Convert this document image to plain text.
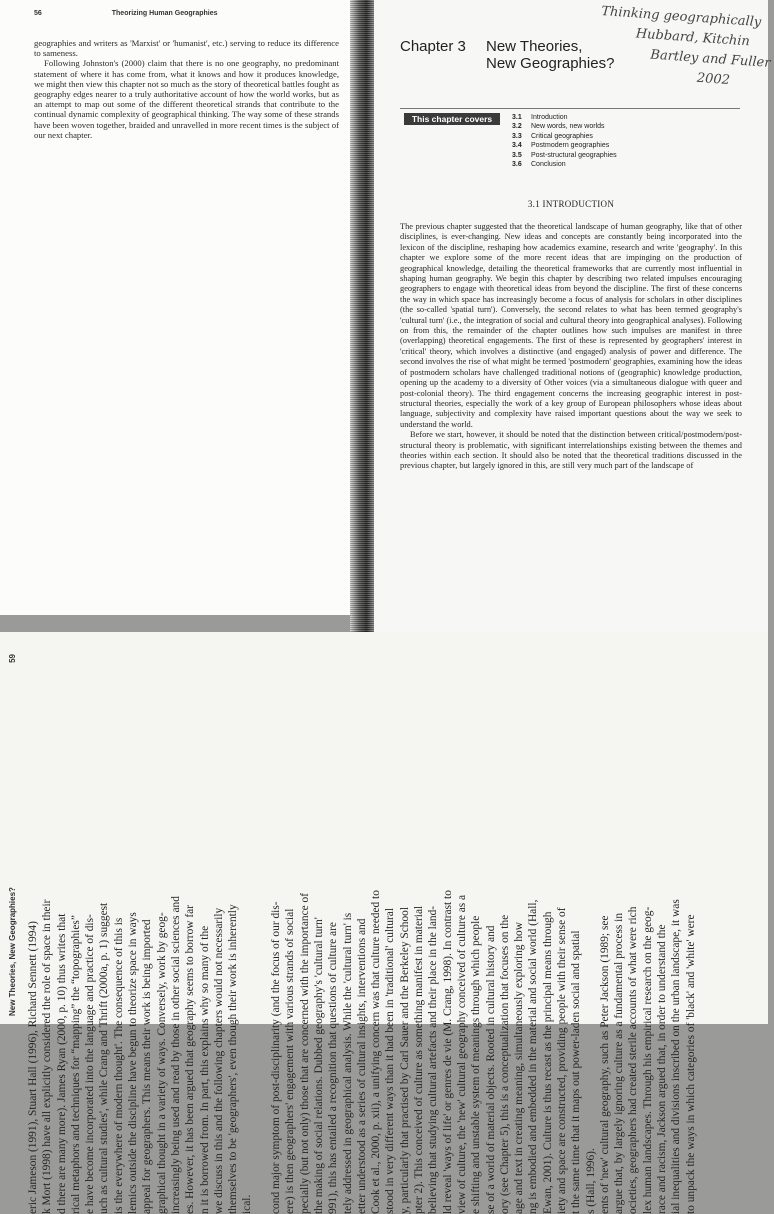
56	Theorizing Human Geographies

geographies and writers as 'Marxist' or 'humanist', etc.) serving to reduce its difference to sameness.

Following Johnston's (2000) claim that there is no one geography, no predominant statement of where it has come from, what it knows and how it produces knowledge, we might then view this chapter not so much as the story of theoretical battles fought as geography edges nearer to a truly authoritative account of how the world works, but as an attempt to map out some of the different theoretical strands that contribute to the continual dynamic complexity of geographical thinking. The way some of these strands have been woven together, braided and unravelled in more recent times is the subject of our next chapter.

Thinking geographically
Hubbard, Kitchin
Bartley and Fuller
2002
Chapter 3 New Theories,
New Geographies?
This chapter covers	3.1 Introduction
3.2 New words, new worlds
3.3 Critical geographies
3.4 Postmodern geographies
3.5 Post-structural geographies
3.6 Conclusion
3.1 INTRODUCTION

The previous chapter suggested that the theoretical landscape of human geography, like that of other disciplines, is ever-changing. New ideas and concepts are constantly being incorporated into the lexicon of the discipline, reshaping how academics examine, research and write 'geography'. In this chapter we explore some of the more recent ideas that are impinging on the production of geographical knowledge, detailing the theoretical frameworks that are currently most influential in shaping human geography. We begin this chapter by describing two related impulses encouraging geographers to engage with theoretical ideas from beyond the discipline. The first of these concerns the way in which space has increasingly become a focus of analysis for scholars in other disciplines (the so-called 'spatial turn'). Conversely, the second relates to what has been termed geography's 'cultural turn' (i.e., the integration of social and cultural theory into geographical analyses). Following on from this, the remainder of the chapter outlines how such impulses are manifest in three (overlapping) theoretical engagements. The first of these is represented by geographers' interest in 'critical' theory, which involves a distinctive (and engaged) analysis of power and difference. The second involves the rise of what might be termed 'postmodern' geographies, examining how the ideas of postmodern scholars have challenged traditional notions of (geographic) knowledge production, opening up the academy to a diversity of Other voices (via a simultaneous dialogue with queer and post-colonial theory). The third engagement concerns the increasing geographic interest in post-structural theories, especially the work of a key group of European philosophers whose ideas about language, subjectivity and complexity have raised important questions about the way we seek to understand the world.

Before we start, however, it should be noted that the distinction between critical/postmodern/post-structural theory is problematic, with significant interrelationships existing between the themes and theories within each section. It should also be noted that the theoretical traditions discussed in the previous chapter, but largely ignored in this, are still very much part of the landscape of

New Theories, New Geographies?
59

eric Jameson (1991), Stuart Hall (1996), Richard Sennett (1994) k Mort (1998) have all explicitly considered the role of space in their d there are many more). James Ryan (2000, p. 10) thus writes that rical metaphors and techniques for “mapping” the “topographies” e have become incorporated into the language and practice of dis- uch as cultural studies', while Crang and Thrift (2000a, p. 1) suggest is the everywhere of modern thought'. The consequence of this is lemics outside the discipline have begun to theorize space in ways appeal for geographers. This means their work is being imported graphical thought in a variety of ways. Conversely, work by geog- increasingly being used and read by those in other social sciences and es. However, it has been argued that geography seems to borrow far n it is borrowed from. In part, this explains why so many of the we discuss in this and the following chapters would not necessarily themselves to be 'geographers', even though their work is inherently ical.

cond major symptom of post-disciplinarity (and the focus of our dis- ere) is then geographers' engagement with various strands of social pecially (but not only) those that are concerned with the importance of the making of social relations. Dubbed geography's 'cultural turn' 991), this has entailed a recognition that questions of culture are tely addressed in geographical analysis. While the 'cultural turn' is etter understood as a series of cultural insights, interventions and Cook et al., 2000, p. xii), a unifying concern was that culture needed to stood in very different ways than it had been in 'traditional' cultural y, particularly that practised by Carl Sauer and the Berkeley School pter 2). This conceived of culture as something manifest in material believing that studying cultural artefacts and their place in the land- ld reveal 'ways of life' or genres de vie (M. Crang, 1998). In contrast to view of culture, the 'new' cultural geography conceived of culture as a e shifting and unstable system of meanings through which people se of a world of material objects. Rooted in cultural history and ory (see Chapter 5), this is a conceptualization that focuses on the age and text in creating meaning, simultaneously exploring how ng is embodied and embedded in the material and social world (Hall, Ewan, 2001). Culture is thus recast as the principal means through iety and space are constructed, providing people with their sense of t the same time that it maps out power-laden social and spatial s (Hall, 1996). ents of 'new' cultural geography, such as Peter Jackson (1989; see argue that, by largely ignoring culture as a fundamental process in ocieties, geographers had created sterile accounts of what were rich lex human landscapes. Through his empirical research on the geog- race and racism, Jackson argued that, in order to understand the ial inequalities and divisions inscribed on the urban landscape, it was to unpack the ways in which categories of 'black' and 'white' were
